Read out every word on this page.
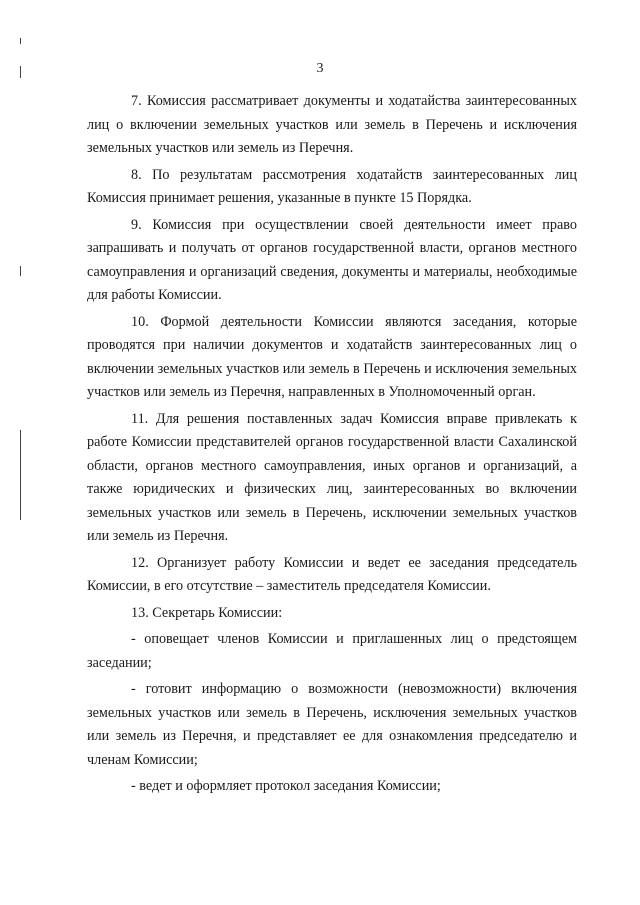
3

7. Комиссия рассматривает документы и ходатайства заинтересованных лиц о включении земельных участков или земель в Перечень и исключения земельных участков или земель из Перечня.

8. По результатам рассмотрения ходатайств заинтересованных лиц Комиссия принимает решения, указанные в пункте 15 Порядка.

9. Комиссия при осуществлении своей деятельности имеет право запрашивать и получать от органов государственной власти, органов местного самоуправления и организаций сведения, документы и материалы, необходимые для работы Комиссии.

10. Формой деятельности Комиссии являются заседания, которые проводятся при наличии документов и ходатайств заинтересованных лиц о включении земельных участков или земель в Перечень и исключения земельных участков или земель из Перечня, направленных в Уполномоченный орган.

11. Для решения поставленных задач Комиссия вправе привлекать к работе Комиссии представителей органов государственной власти Сахалинской области, органов местного самоуправления, иных органов и организаций, а также юридических и физических лиц, заинтересованных во включении земельных участков или земель в Перечень, исключении земельных участков или земель из Перечня.

12. Организует работу Комиссии и ведет ее заседания председатель Комиссии, в его отсутствие – заместитель председателя Комиссии.

13. Секретарь Комиссии:

- оповещает членов Комиссии и приглашенных лиц о предстоящем заседании;

- готовит информацию о возможности (невозможности) включения земельных участков или земель в Перечень, исключения земельных участков или земель из Перечня, и представляет ее для ознакомления председателю и членам Комиссии;

- ведет и оформляет протокол заседания Комиссии;
